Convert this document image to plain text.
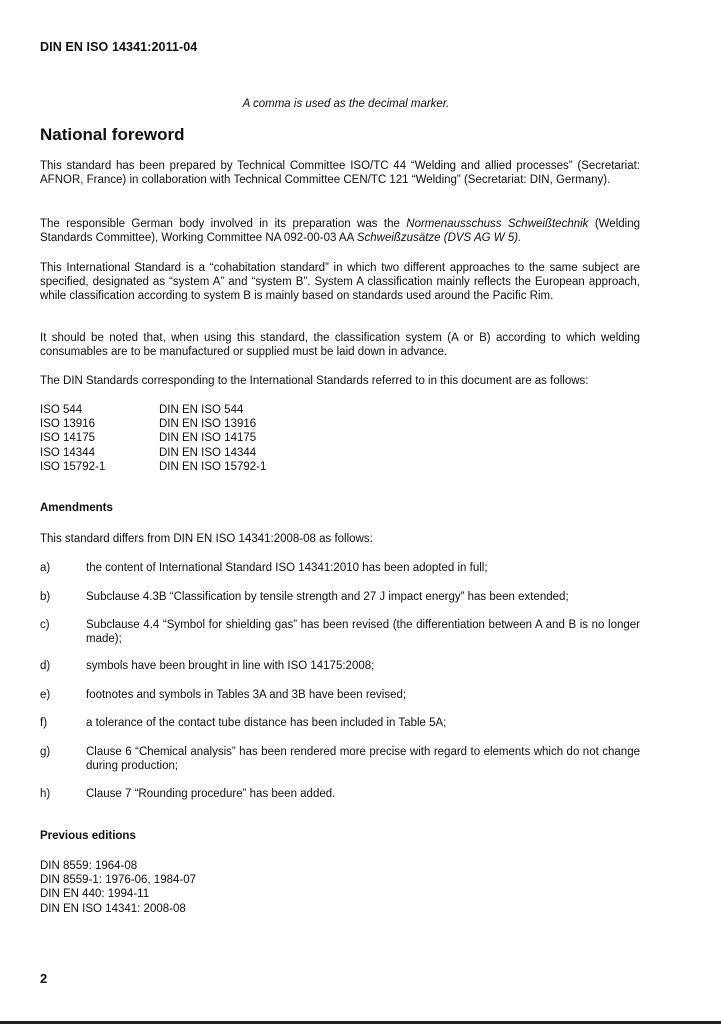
DIN EN ISO 14341:2011-04
A comma is used as the decimal marker.
National foreword
This standard has been prepared by Technical Committee ISO/TC 44 “Welding and allied processes” (Secretariat: AFNOR, France) in collaboration with Technical Committee CEN/TC 121 “Welding” (Secretariat: DIN, Germany).
The responsible German body involved in its preparation was the Normenausschuss Schweißtechnik (Welding Standards Committee), Working Committee NA 092-00-03 AA Schweißzusätze (DVS AG W 5).
This International Standard is a “cohabitation standard” in which two different approaches to the same subject are specified, designated as “system A” and “system B”. System A classification mainly reflects the European approach, while classification according to system B is mainly based on standards used around the Pacific Rim.
It should be noted that, when using this standard, the classification system (A or B) according to which welding consumables are to be manufactured or supplied must be laid down in advance.
The DIN Standards corresponding to the International Standards referred to in this document are as follows:
ISO 544	DIN EN ISO 544
ISO 13916	DIN EN ISO 13916
ISO 14175	DIN EN ISO 14175
ISO 14344	DIN EN ISO 14344
ISO 15792-1	DIN EN ISO 15792-1
Amendments
This standard differs from DIN EN ISO 14341:2008-08 as follows:
a)	the content of International Standard ISO 14341:2010 has been adopted in full;
b)	Subclause 4.3B “Classification by tensile strength and 27 J impact energy” has been extended;
c)	Subclause 4.4 “Symbol for shielding gas” has been revised (the differentiation between A and B is no longer made);
d)	symbols have been brought in line with ISO 14175:2008;
e)	footnotes and symbols in Tables 3A and 3B have been revised;
f)	a tolerance of the contact tube distance has been included in Table 5A;
g)	Clause 6 “Chemical analysis” has been rendered more precise with regard to elements which do not change during production;
h)	Clause 7 “Rounding procedure” has been added.
Previous editions
DIN 8559: 1964-08
DIN 8559-1: 1976-06, 1984-07
DIN EN 440: 1994-11
DIN EN ISO 14341: 2008-08
2
